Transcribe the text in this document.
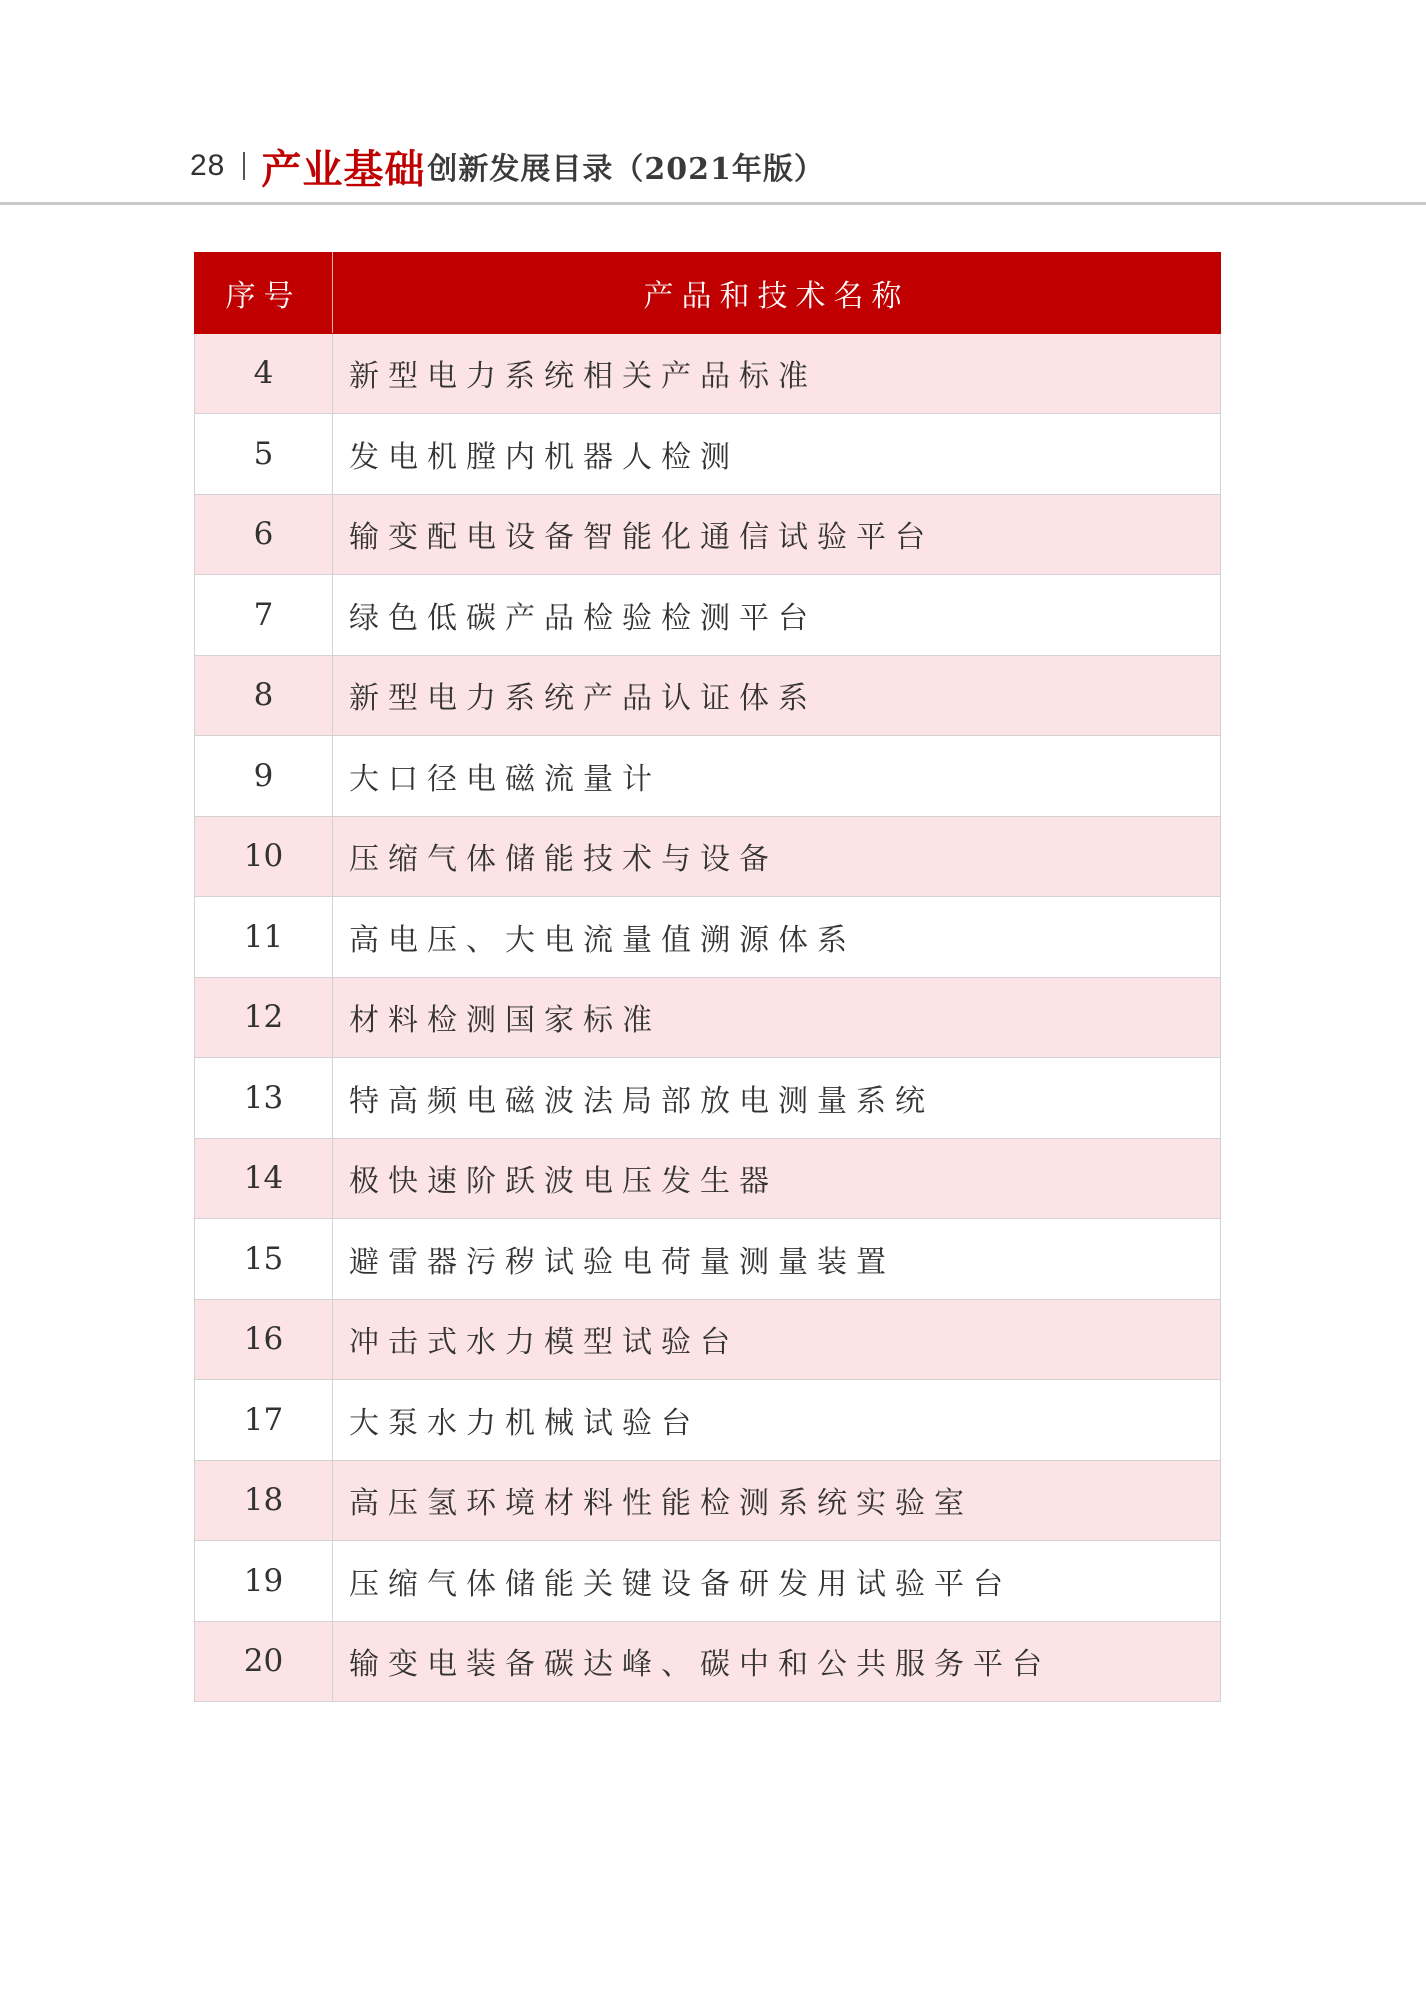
28 产业基础 创新发展目录（2021年版）
序号	产品和技术名称
4	新型电力系统相关产品标准
5	发电机膛内机器人检测
6	输变配电设备智能化通信试验平台
7	绿色低碳产品检验检测平台
8	新型电力系统产品认证体系
9	大口径电磁流量计
10	压缩气体储能技术与设备
11	高电压、大电流量值溯源体系
12	材料检测国家标准
13	特高频电磁波法局部放电测量系统
14	极快速阶跃波电压发生器
15	避雷器污秽试验电荷量测量装置
16	冲击式水力模型试验台
17	大泵水力机械试验台
18	高压氢环境材料性能检测系统实验室
19	压缩气体储能关键设备研发用试验平台
20	输变电装备碳达峰、碳中和公共服务平台
